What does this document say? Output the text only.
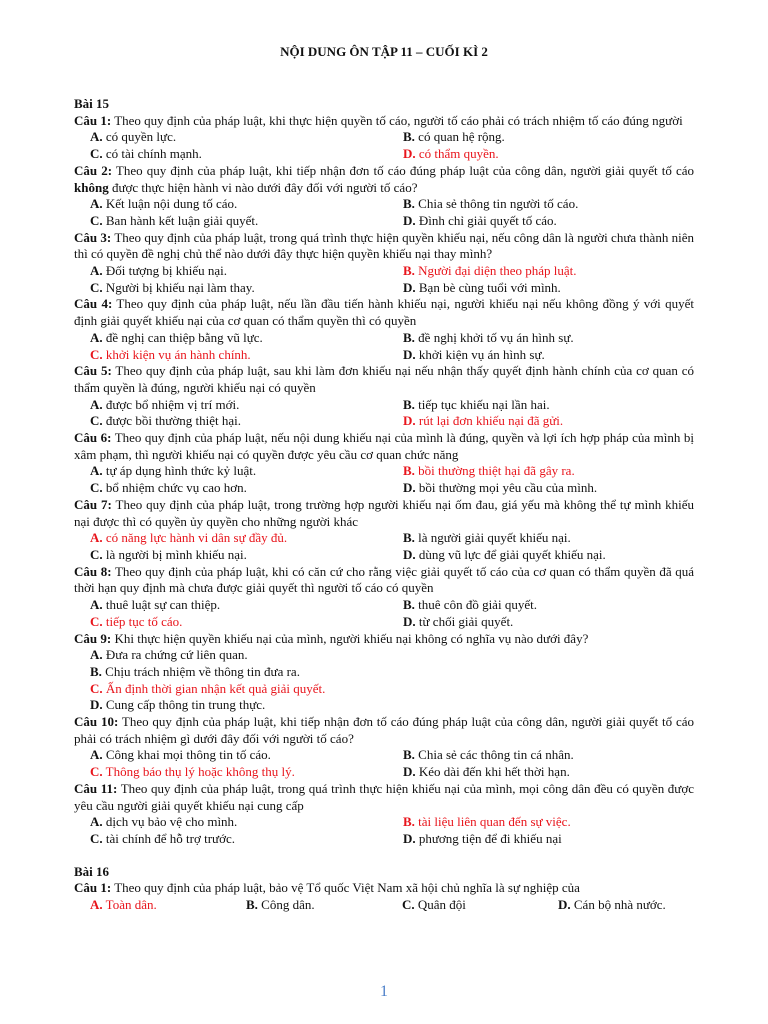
NỘI DUNG ÔN TẬP 11 – CUỐI KÌ 2
Bài 15

Câu 1: Theo quy định của pháp luật, khi thực hiện quyền tố cáo, người tố cáo phải có trách nhiệm tố cáo đúng người

A. có quyền lực.	B. có quan hệ rộng.
C. có tài chính mạnh.	D. có thẩm quyền.

Câu 2: Theo quy định của pháp luật, khi tiếp nhận đơn tố cáo đúng pháp luật của công dân, người giải quyết tố cáo không được thực hiện hành vi nào dưới đây đối với người tố cáo?

A. Kết luận nội dung tố cáo.	B. Chia sẻ thông tin người tố cáo.
C. Ban hành kết luận giải quyết.	D. Đình chỉ giải quyết tố cáo.

Câu 3: Theo quy định của pháp luật, trong quá trình thực hiện quyền khiếu nại, nếu công dân là người chưa thành niên thì có quyền đề nghị chủ thể nào dưới đây thực hiện quyền khiếu nại thay mình?

A. Đối tượng bị khiếu nại.	B. Người đại diện theo pháp luật.
C. Người bị khiếu nại làm thay.	D. Bạn bè cùng tuổi với mình.

Câu 4: Theo quy định của pháp luật, nếu lần đầu tiến hành khiếu nại, người khiếu nại nếu không đồng ý với quyết định giải quyết khiếu nại của cơ quan có thẩm quyền thì có quyền

A. đề nghị can thiệp bằng vũ lực.	B. đề nghị khởi tố vụ án hình sự.
C. khởi kiện vụ án hành chính.	D. khởi kiện vụ án hình sự.

Câu 5: Theo quy định của pháp luật, sau khi làm đơn khiếu nại nếu nhận thấy quyết định hành chính của cơ quan có thẩm quyền là đúng, người khiếu nại có quyền

A. được bổ nhiệm vị trí mới.	B. tiếp tục khiếu nại lần hai.
C. được bồi thường thiệt hại.	D. rút lại đơn khiếu nại đã gửi.

Câu 6: Theo quy định của pháp luật, nếu nội dung khiếu nại của mình là đúng, quyền và lợi ích hợp pháp của mình bị xâm phạm, thì người khiếu nại có quyền được yêu cầu cơ quan chức năng

A. tự áp dụng hình thức kỷ luật.	B. bồi thường thiệt hại đã gây ra.
C. bổ nhiệm chức vụ cao hơn.	D. bồi thường mọi yêu cầu của mình.

Câu 7: Theo quy định của pháp luật, trong trường hợp người khiếu nại ốm đau, giá yếu mà không thể tự mình khiếu nại được thì có quyền ủy quyền cho những người khác

A. có năng lực hành vi dân sự đầy đủ.	B. là người giải quyết khiếu nại.
C. là người bị mình khiếu nại.	D. dùng vũ lực để giải quyết khiếu nại.

Câu 8: Theo quy định của pháp luật, khi có căn cứ cho rằng việc giải quyết tố cáo của cơ quan có thẩm quyền đã quá thời hạn quy định mà chưa được giải quyết thì người tố cáo có quyền

A. thuê luật sự can thiệp.	B. thuê côn đồ giải quyết.
C. tiếp tục tố cáo.	D. từ chối giải quyết.

Câu 9: Khi thực hiện quyền khiếu nại của mình, người khiếu nại không có nghĩa vụ nào dưới đây?

A. Đưa ra chứng cứ liên quan.
B. Chịu trách nhiệm về thông tin đưa ra.
C. Ấn định thời gian nhận kết quả giải quyết.
D. Cung cấp thông tin trung thực.

Câu 10: Theo quy định của pháp luật, khi tiếp nhận đơn tố cáo đúng pháp luật của công dân, người giải quyết tố cáo phải có trách nhiệm gì dưới đây đối với người tố cáo?

A. Công khai mọi thông tin tố cáo.	B. Chia sẻ các thông tin cá nhân.
C. Thông báo thụ lý hoặc không thụ lý.	D. Kéo dài đến khi hết thời hạn.

Câu 11: Theo quy định của pháp luật, trong quá trình thực hiện khiếu nại của mình, mọi công dân đều có quyền được yêu cầu người giải quyết khiếu nại cung cấp

A. dịch vụ bảo vệ cho mình.	B. tài liệu liên quan đến sự việc.
C. tài chính để hỗ trợ trước.	D. phương tiện để đi khiếu nại
Bài 16

Câu 1: Theo quy định của pháp luật, bảo vệ Tổ quốc Việt Nam xã hội chủ nghĩa là sự nghiệp của

A. Toàn dân.	B. Công dân.	C. Quân đội	D. Cán bộ nhà nước.
1
